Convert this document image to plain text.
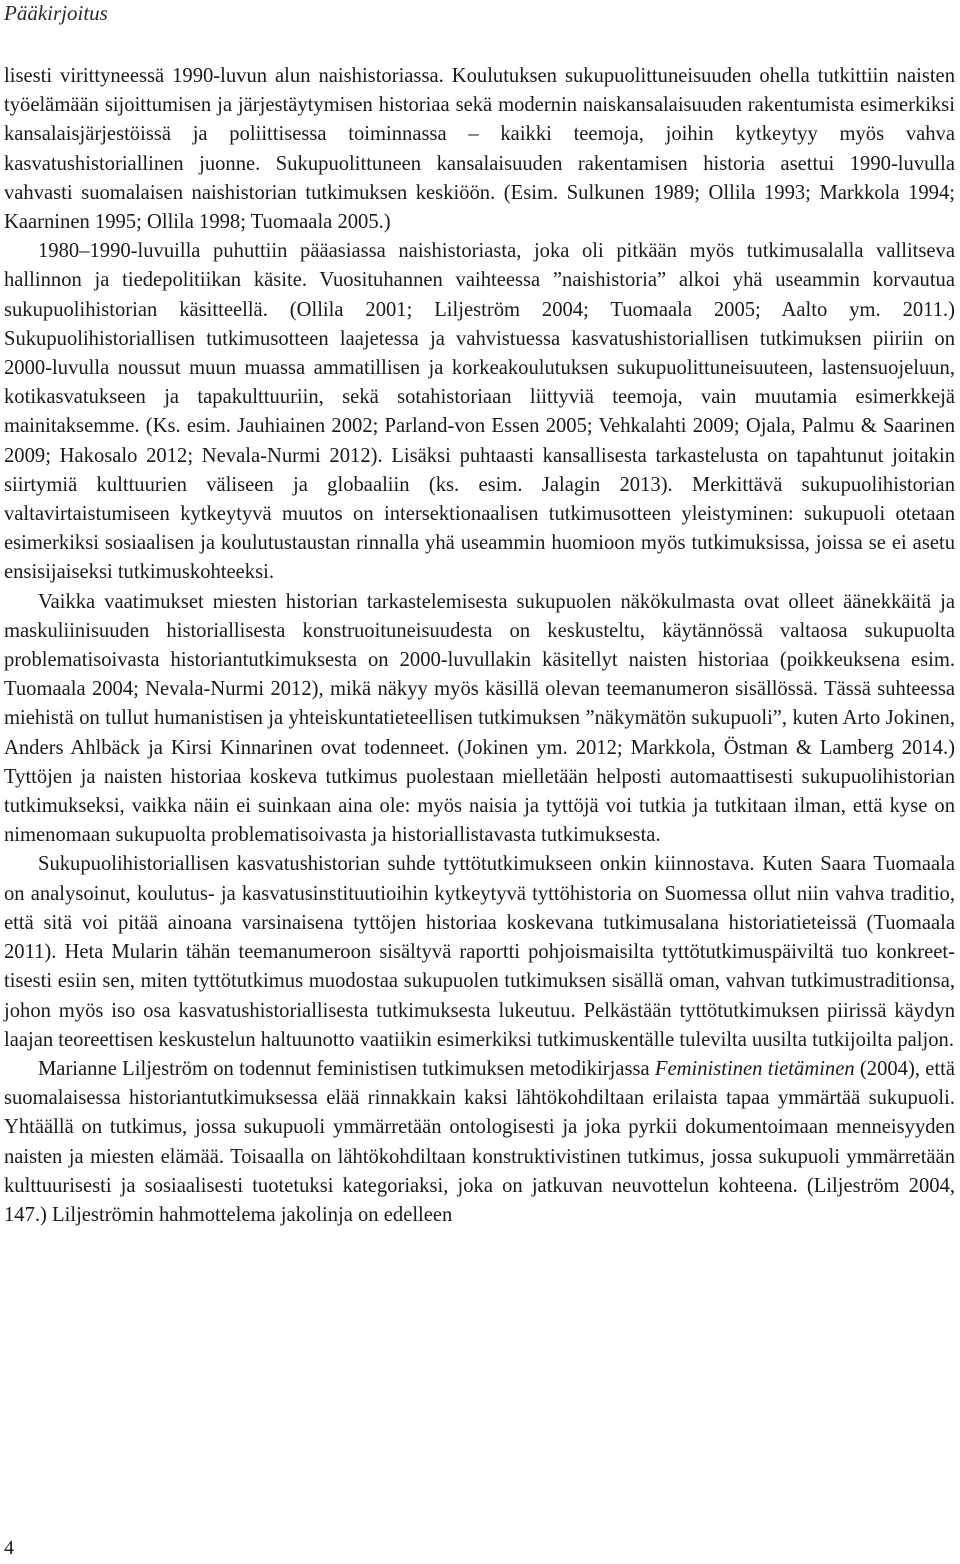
Pääkirjoitus

lisesti virittyneessä 1990-luvun alun naishistoriassa. Koulutuksen sukupuolittuneisuuden ohella tutkittiin naisten työelämään sijoittumisen ja järjestäytymisen historiaa sekä modernin naiskansalaisuuden rakentumista esimerkiksi kansalaisjärjestöissä ja poliittisessa toiminnassa – kaikki teemoja, joihin kytkeytyy myös vahva kasvatushistoriallinen juonne. Sukupuolittuneen kansalaisuuden rakentamisen historia asettui 1990-luvulla vahvasti suomalaisen naishistorian tutkimuksen keskiöön. (Esim. Sulkunen 1989; Ollila 1993; Markkola 1994; Kaarninen 1995; Ollila 1998; Tuomaala 2005.)

1980–1990-luvuilla puhuttiin pääasiassa naishistoriasta, joka oli pitkään myös tutkimusalalla vallitseva hallinnon ja tiedepolitiikan käsite. Vuosituhannen vaihteessa ”naishistoria” alkoi yhä useammin korvautua sukupuolihistorian käsitteellä. (Ollila 2001; Liljeström 2004; Tuomaala 2005; Aalto ym. 2011.) Sukupuolihistoriallisen tutkimusotteen laajetessa ja vahvistuessa kasvatushistoriallisen tutkimuksen piiriin on 2000-luvulla noussut muun muassa ammatillisen ja korkeakoulutuksen sukupuolittuneisuuteen, lastensuojeluun, kotikasvatukseen ja tapakulttuuriin, sekä sotahistoriaan liittyviä teemoja, vain muutamia esimerkkejä mainitaksemme. (Ks. esim. Jauhiainen 2002; Parland-von Essen 2005; Vehkalahti 2009; Ojala, Palmu & Saarinen 2009; Hakosalo 2012; Nevala-Nurmi 2012). Lisäksi puhtaasti kansallisesta tarkastelusta on tapahtunut joitakin siirtymiä kulttuurien väliseen ja globaaliin (ks. esim. Jalagin 2013). Merkittävä sukupuolihistorian valtavirtaistumiseen kytkeytyvä muutos on intersektionaalisen tutkimusotteen yleistyminen: sukupuoli otetaan esimerkiksi sosiaalisen ja koulutustaustan rinnalla yhä useammin huomioon myös tutkimuksissa, joissa se ei asetu ensisijaiseksi tutkimuskohteeksi.

Vaikka vaatimukset miesten historian tarkastelemisesta sukupuolen näkökulmasta ovat olleet äänekkäitä ja maskuliinisuuden historiallisesta konstruoituneisuudesta on keskusteltu, käytännössä valtaosa sukupuolta problematisoivasta historiantutkimuksesta on 2000-luvullakin käsitellyt naisten historiaa (poikkeuksena esim. Tuomaala 2004; Nevala-Nurmi 2012), mikä näkyy myös käsillä olevan teemanumeron sisällössä. Tässä suhteessa miehistä on tullut humanistisen ja yhteiskuntatieteellisen tutkimuksen ”näkymätön sukupuoli”, kuten Arto Jokinen, Anders Ahlbäck ja Kirsi Kinnarinen ovat todenneet. (Jokinen ym. 2012; Markkola, Östman & Lamberg 2014.) Tyttöjen ja naisten historiaa koskeva tutkimus puolestaan mielletään helposti automaattisesti sukupuolihistorian tutkimukseksi, vaikka näin ei suinkaan aina ole: myös naisia ja tyttöjä voi tutkia ja tutkitaan ilman, että kyse on nimenomaan sukupuolta problematisoivasta ja historiallistavasta tutkimuksesta.

Sukupuolihistoriallisen kasvatushistorian suhde tyttötutkimukseen onkin kiinnostava. Kuten Saara Tuomaala on analysoinut, koulutus- ja kasvatusinstituutioihin kytkeytyvä tyttöhistoria on Suomessa ollut niin vahva traditio, että sitä voi pitää ainoana varsinaisena tyttöjen historiaa koskevana tutkimusalana historiatieteissä (Tuomaala 2011). Heta Mularin tähän teemanumeroon sisältyvä raportti pohjoismaisilta tyttötutkimuspäiviltä tuo konkreettisesti esiin sen, miten tyttötutkimus muodostaa sukupuolen tutkimuksen sisällä oman, vahvan tutkimustraditionsa, johon myös iso osa kasvatushistoriallisesta tutkimuksesta lukeutuu. Pelkästään tyttötutkimuksen piirissä käydyn laajan teoreettisen keskustelun haltuunotto vaatiikin esimerkiksi tutkimuskentälle tulevilta uusilta tutkijoilta paljon.

Marianne Liljeström on todennut feministisen tutkimuksen metodikirjassa Feministinen tietäminen (2004), että suomalaisessa historiantutkimuksessa elää rinnakkain kaksi lähtökohdiltaan erilaista tapaa ymmärtää sukupuoli. Yhtäällä on tutkimus, jossa sukupuoli ymmärretään ontologisesti ja joka pyrkii dokumentoimaan menneisyyden naisten ja miesten elämää. Toisaalla on lähtökohdiltaan konstruktivistinen tutkimus, jossa sukupuoli ymmärretään kulttuurisesti ja sosiaalisesti tuotetuksi kategoriaksi, joka on jatkuvan neuvottelun kohteena. (Liljeström 2004, 147.) Liljeströmin hahmottelema jakolinja on edelleen

4
